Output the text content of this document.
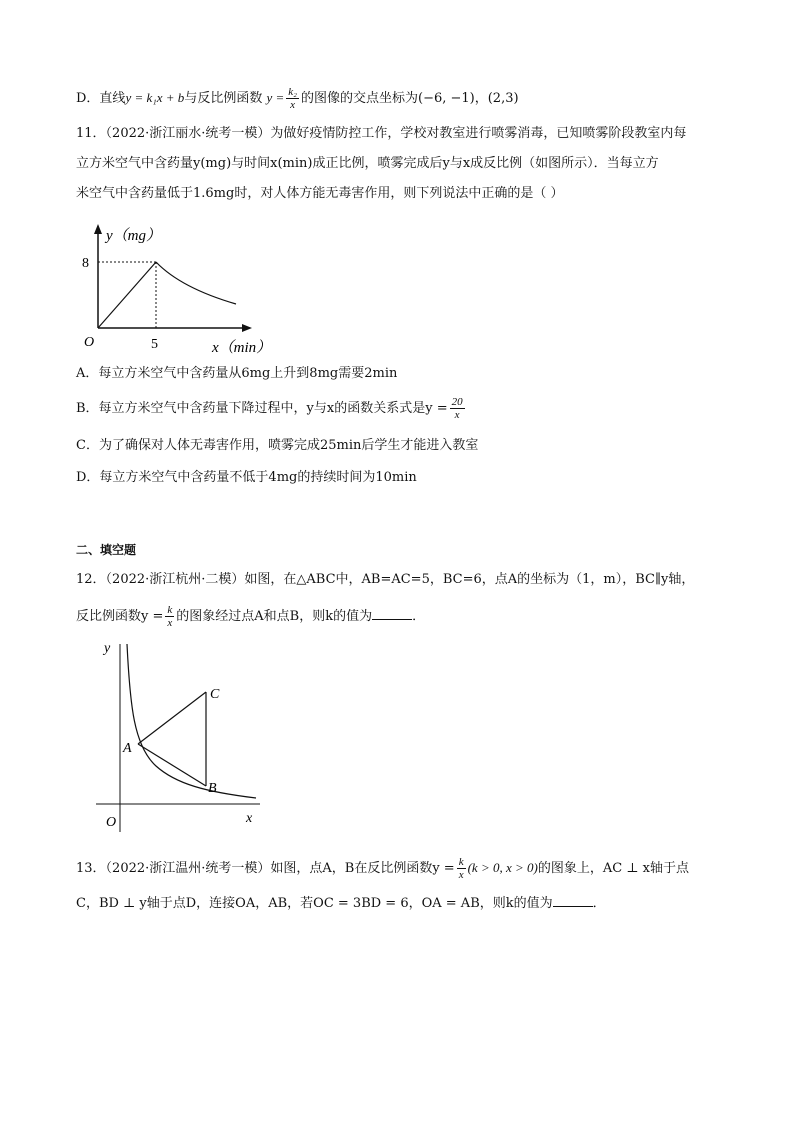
D．直线y = k₁x + b与反比例函数 $y = \frac{\text{k₂}}{x}$ 的图像的交点坐标为(−6, −1)，(2,3)
11．（2022·浙江丽水·统考一模）为做好疫情防控工作，学校对教室进行喷雾消毒，已知喷雾阶段教室内每
立方米空气中含药量y(mg)与时间x(min)成正比例，喷雾完成后y与x成反比例（如图所示）．当每立方
米空气中含药量低于1.6mg时，对人体方能无毒害作用，则下列说法中正确的是（ ）
y（mg）
x（min）
O
8
5
A．每立方米空气中含药量从6mg上升到8mg需要2min
B．每立方米空气中含药量下降过程中，y与x的函数关系式是$y = \frac{20}{x}$
C．为了确保对人体无毒害作用，喷雾完成25min后学生才能进入教室
D．每立方米空气中含药量不低于4mg的持续时间为10min
二、填空题
12．（2022·浙江杭州·二模）如图，在△ABC中，AB=AC=5，BC=6，点A的坐标为（1，m），BC∥y轴，
反比例函数$y = \frac{k}{x}$ 的图象经过点A和点B，则k的值为	．
y
x
O
A
B
C
13．（2022·浙江温州·统考一模）如图，点A，B在反比例函数$y = \frac{k}{x} (k > 0$, x > 0)的图象上，AC ⊥ x轴于点
C，BD ⊥ y轴于点D，连接OA，AB，若OC = 3BD = 6，OA = AB，则k的值为	．
